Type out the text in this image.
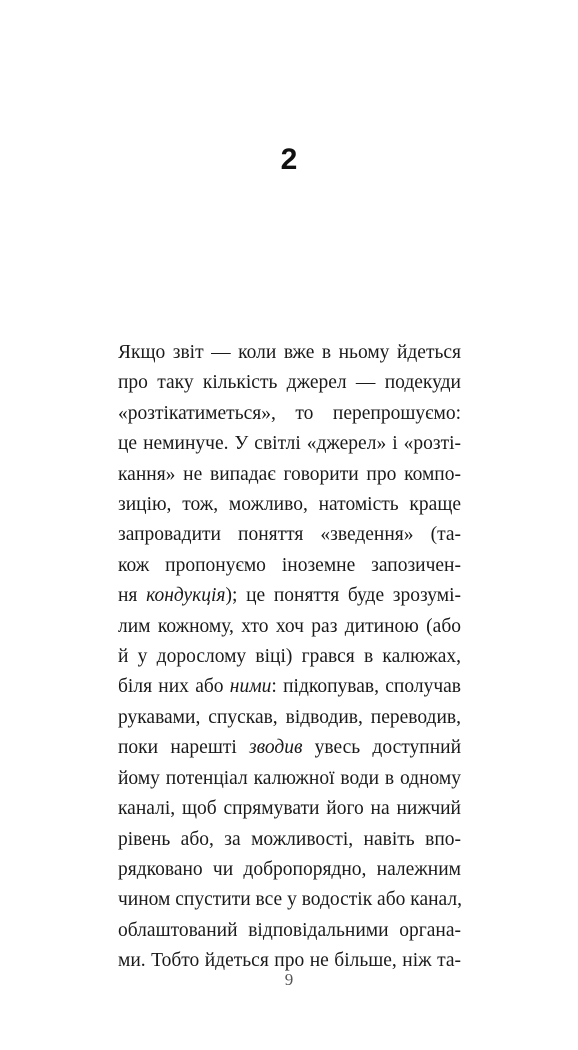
2
Якщо звіт — коли вже в ньому йдеться
про таку кількість джерел — подекуди
«розтікатиметься», то перепрошуємо:
це неминуче. У світлі «джерел» і «розті-
кання» не випадає говорити про компо-
зицію, тож, можливо, натомість краще
запровадити поняття «зведення» (та-
кож пропонуємо іноземне запозичен-
ня кондукція); це поняття буде зрозумі-
лим кожному, хто хоч раз дитиною (або
й у дорослому віці) грався в калюжах,
біля них або ними: підкопував, сполучав
рукавами, спускав, відводив, переводив,
поки нарешті зводив увесь доступний
йому потенціал калюжної води в одному
каналі, щоб спрямувати його на нижчий
рівень або, за можливості, навіть впо-
рядковано чи добропорядно, належним
чином спустити все у водостік або канал,
облаштований відповідальними органа-
ми. Тобто йдеться про не більше, ніж та-
9
